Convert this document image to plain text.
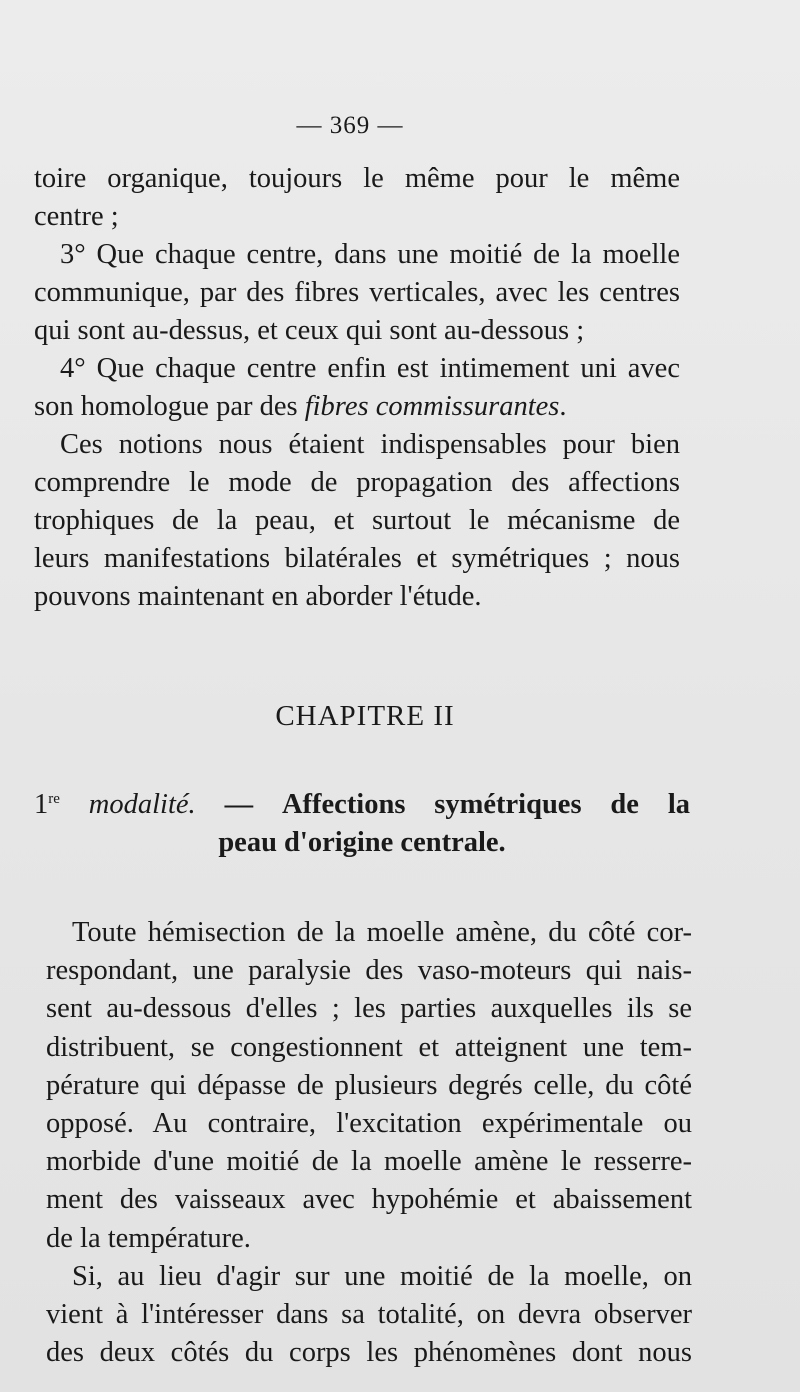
— 369 —
toire organique, toujours le même pour le même
centre ;
3° Que chaque centre, dans une moitié de la moelle
communique, par des fibres verticales, avec les centres
qui sont au-dessus, et ceux qui sont au-dessous ;
4° Que chaque centre enfin est intimement uni avec
son homologue par des fibres commissurantes.
Ces notions nous étaient indispensables pour bien
comprendre le mode de propagation des affections
trophiques de la peau, et surtout le mécanisme de
leurs manifestations bilatérales et symétriques ; nous
pouvons maintenant en aborder l'étude.
CHAPITRE II
1re modalité. — Affections symétriques de la
peau d'origine centrale.
Toute hémisection de la moelle amène, du côté cor-
respondant, une paralysie des vaso-moteurs qui nais-
sent au-dessous d'elles ; les parties auxquelles ils se
distribuent, se congestionnent et atteignent une tem-
pérature qui dépasse de plusieurs degrés celle, du côté
opposé. Au contraire, l'excitation expérimentale ou
morbide d'une moitié de la moelle amène le resserre-
ment des vaisseaux avec hypohémie et abaissement
de la température.
Si, au lieu d'agir sur une moitié de la moelle, on
vient à l'intéresser dans sa totalité, on devra observer
des deux côtés du corps les phénomènes dont nous
